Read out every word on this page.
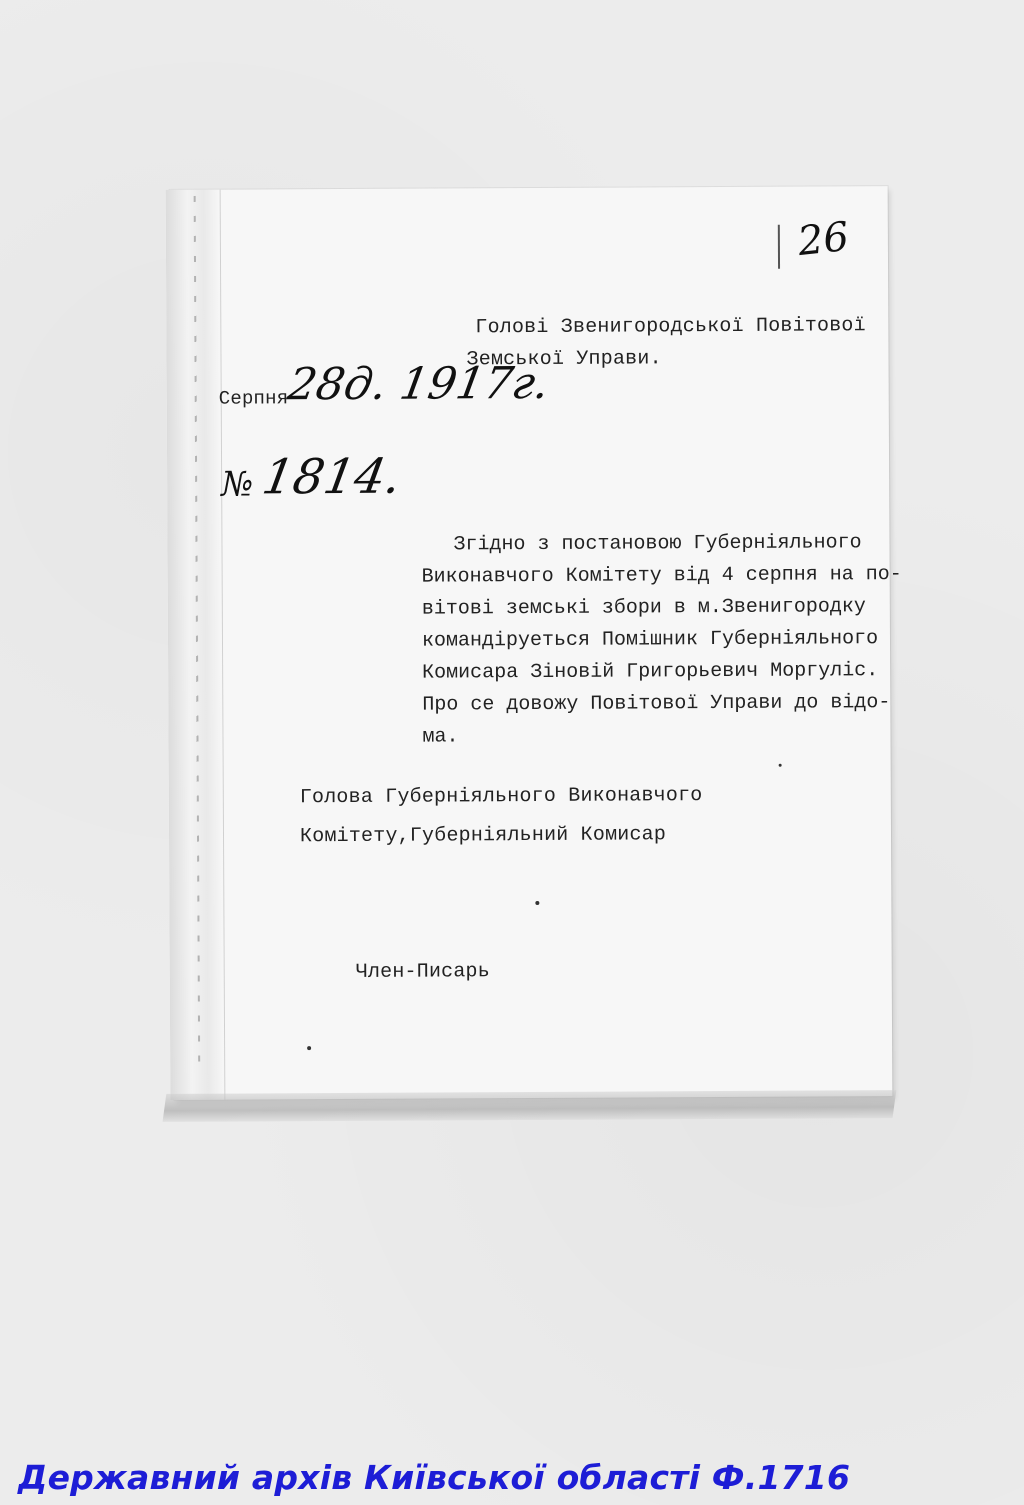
26
Голові Звенигородської Повітової
Земської Управи.
Серпня
28д. 1917г.
№ 1814.
Згідно з постановою Губерніяльного
Виконавчого Комітету від 4 серпня на по-
вітові земські збори в м.Звенигородку
командіруеться Помішник Губерніяльного
Комисара Зіновій Григорьевич Моргуліс.
Про се довожу Повітової Управи до відо-
ма.
Голова Губерніяльного Виконавчого
Комітету,Губерніяльний Комисар
Член-Писарь
Державний архів Київської області Ф.1716
